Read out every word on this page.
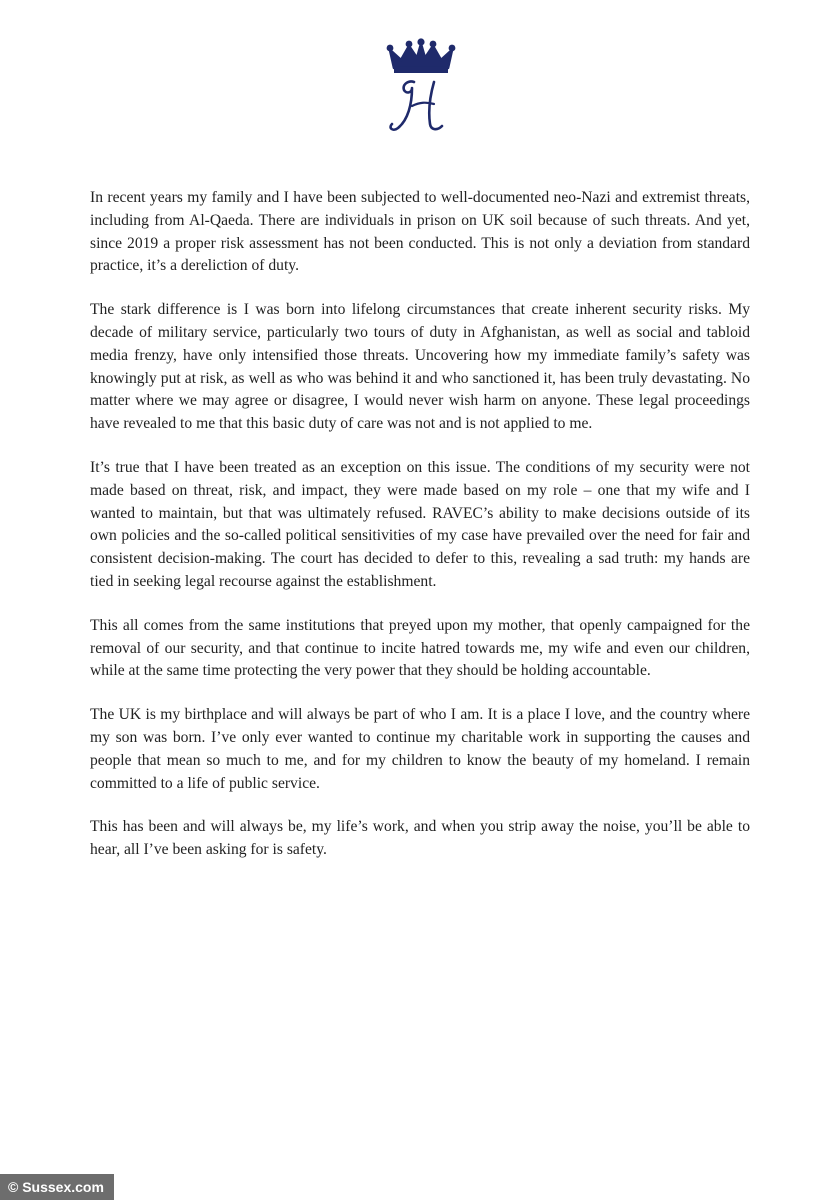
In recent years my family and I have been subjected to well-documented neo-Nazi and extremist threats, including from Al-Qaeda. There are individuals in prison on UK soil because of such threats. And yet, since 2019 a proper risk assessment has not been conducted. This is not only a deviation from standard practice, it’s a dereliction of duty.

The stark difference is I was born into lifelong circumstances that create inherent security risks. My decade of military service, particularly two tours of duty in Afghanistan, as well as social and tabloid media frenzy, have only intensified those threats. Uncovering how my immediate family’s safety was knowingly put at risk, as well as who was behind it and who sanctioned it, has been truly devastating. No matter where we may agree or disagree, I would never wish harm on anyone. These legal proceedings have revealed to me that this basic duty of care was not and is not applied to me.

It’s true that I have been treated as an exception on this issue. The conditions of my security were not made based on threat, risk, and impact, they were made based on my role – one that my wife and I wanted to maintain, but that was ultimately refused. RAVEC’s ability to make decisions outside of its own policies and the so-called political sensitivities of my case have prevailed over the need for fair and consistent decision-making. The court has decided to defer to this, revealing a sad truth: my hands are tied in seeking legal recourse against the establishment.

This all comes from the same institutions that preyed upon my mother, that openly campaigned for the removal of our security, and that continue to incite hatred towards me, my wife and even our children, while at the same time protecting the very power that they should be holding accountable.

The UK is my birthplace and will always be part of who I am. It is a place I love, and the country where my son was born. I’ve only ever wanted to continue my charitable work in supporting the causes and people that mean so much to me, and for my children to know the beauty of my homeland. I remain committed to a life of public service.

This has been and will always be, my life’s work, and when you strip away the noise, you’ll be able to hear, all I’ve been asking for is safety.

© Sussex.com
